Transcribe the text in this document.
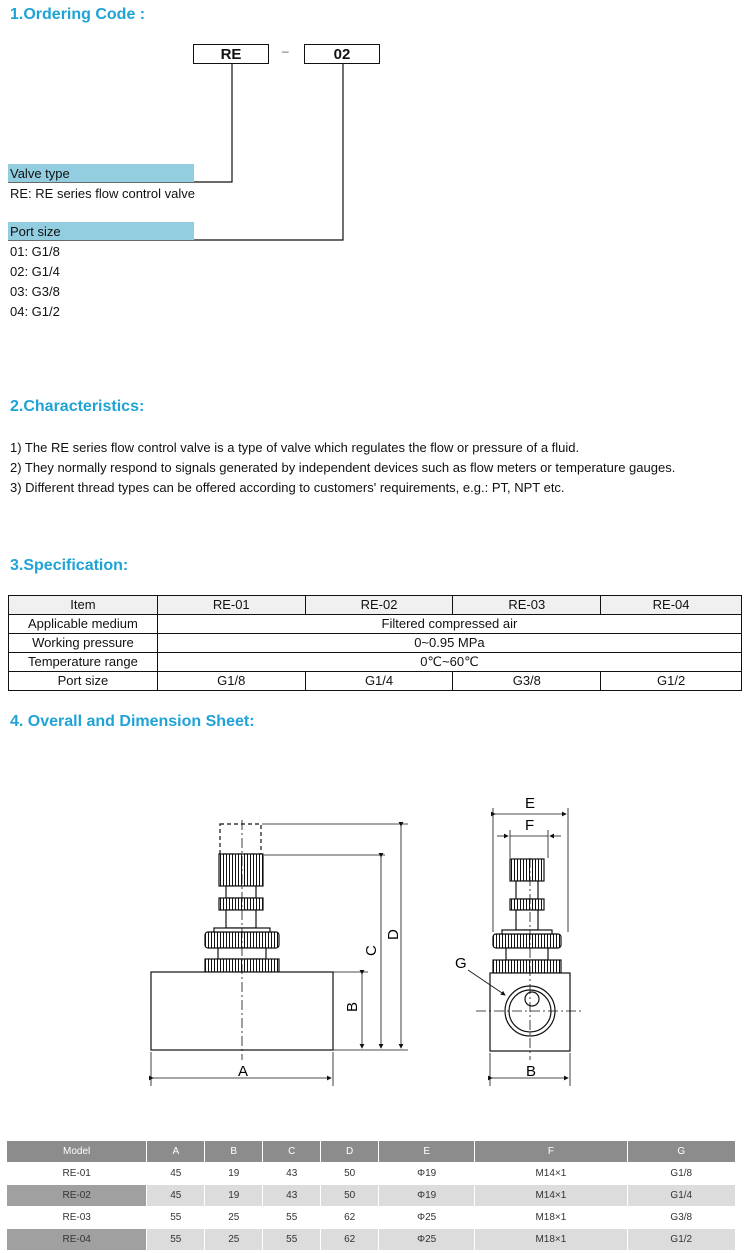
1.Ordering Code :
RE	–	02
Valve type
RE: RE series flow control valve
Port size
01: G1/8
02: G1/4
03: G3/8
04: G1/2
2.Characteristics:
1) The RE series flow control valve is a type of valve which regulates the flow or pressure of a fluid.
2) They normally respond to signals generated by independent devices such as flow meters or temperature gauges.
3) Different thread types can be offered according to customers' requirements, e.g.: PT, NPT etc.
3.Specification:
Item	RE-01	RE-02	RE-03	RE-04
Applicable medium	Filtered compressed air			
Working pressure	0~0.95 MPa			
Temperature range	0℃~60℃			
Port size	G1/8	G1/4	G3/8	G1/2
4. Overall and Dimension Sheet:
B
C
D
A
E
F
G
B
Model	A	B	C	D	E	F	G
RE-01	45	19	43	50	Φ19	M14×1	G1/8
RE-02	45	19	43	50	Φ19	M14×1	G1/4
RE-03	55	25	55	62	Φ25	M18×1	G3/8
RE-04	55	25	55	62	Φ25	M18×1	G1/2
